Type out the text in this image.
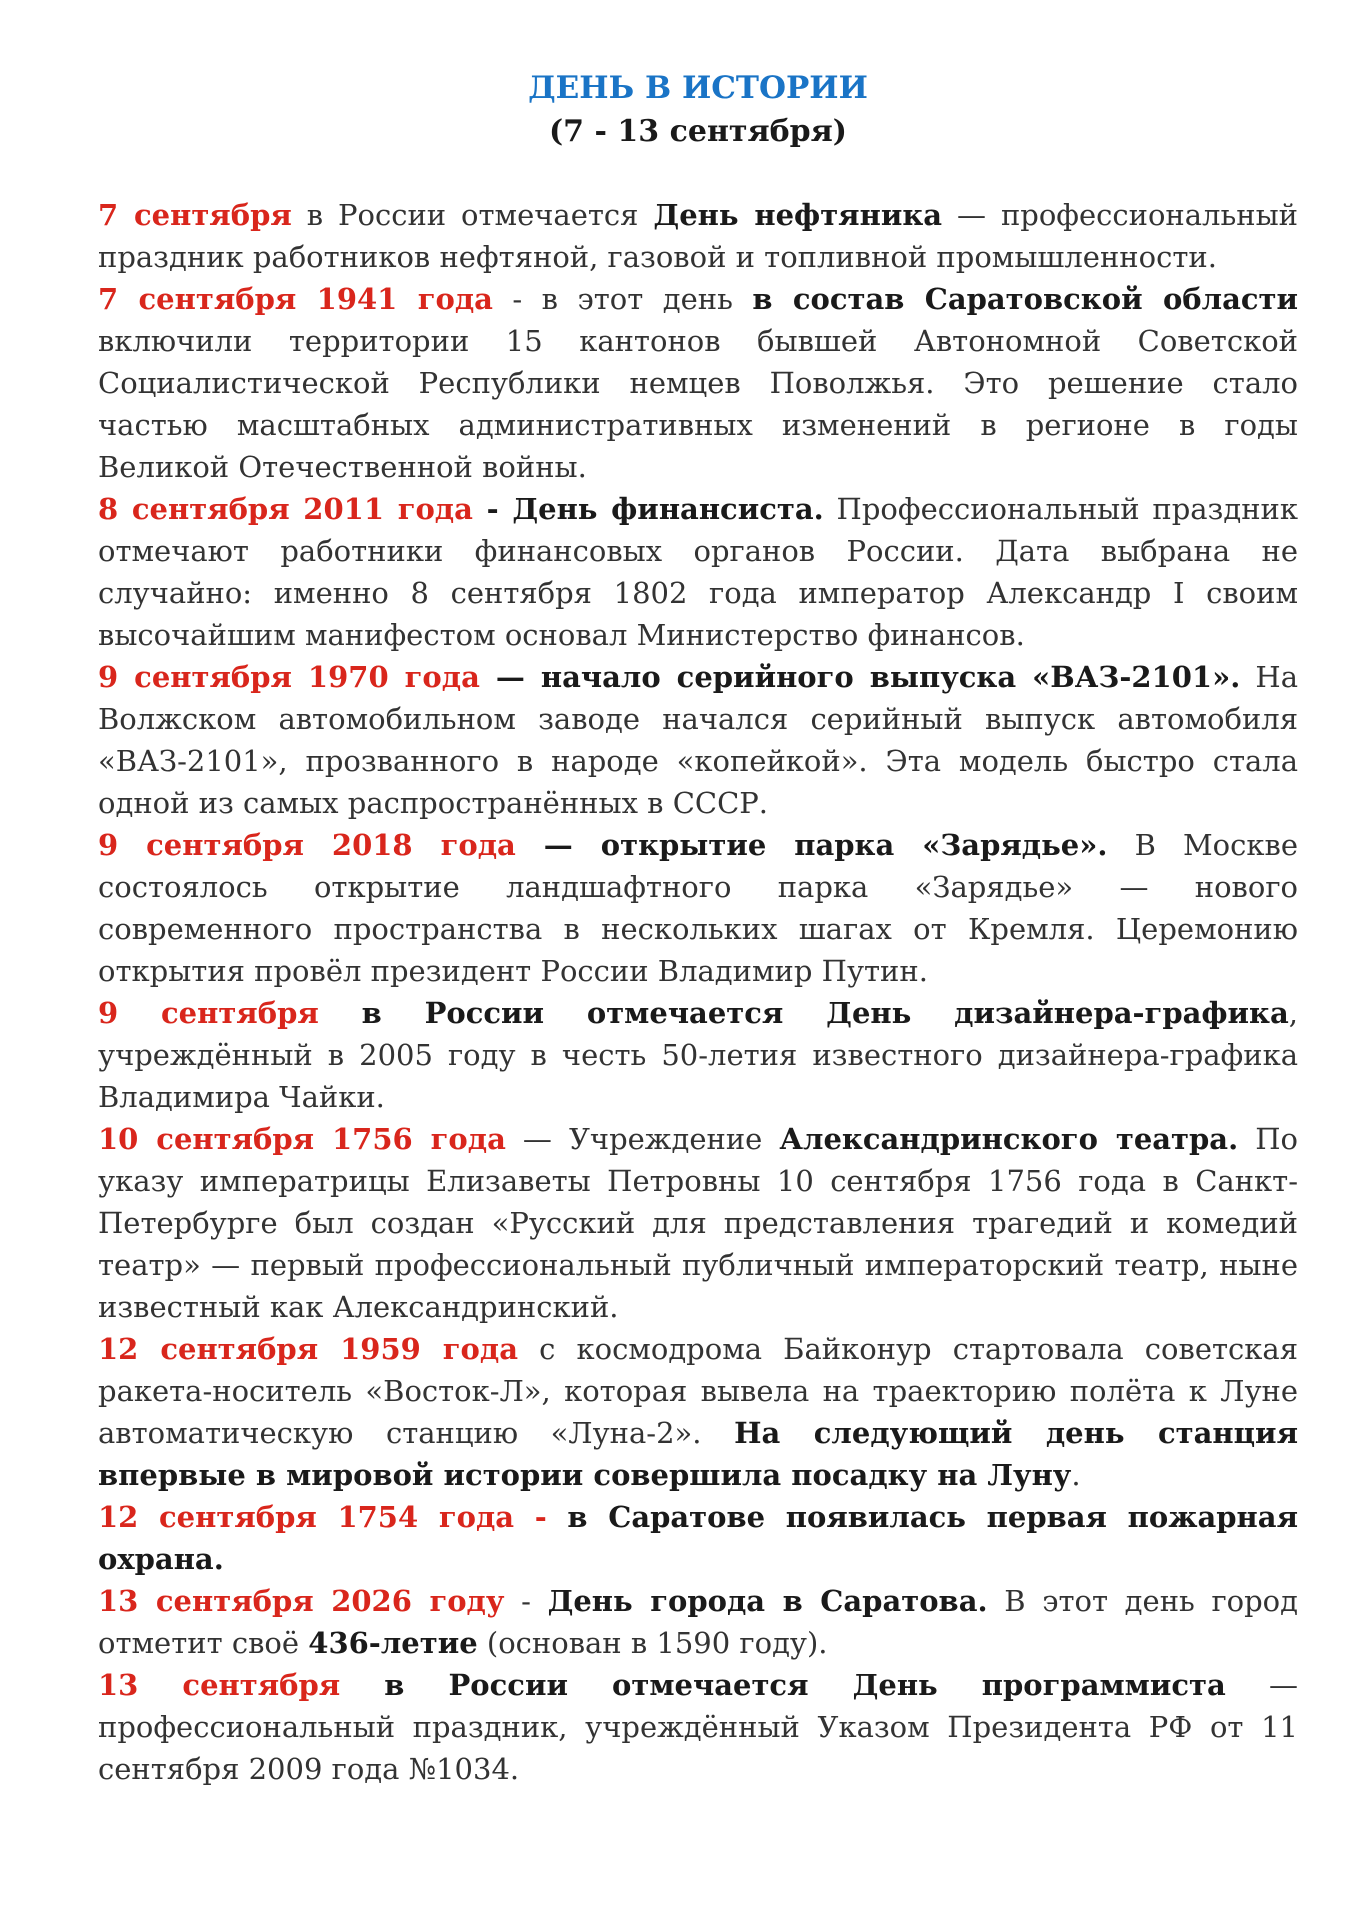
ДЕНЬ В ИСТОРИИ
(7 - 13 сентября)

7 сентября в России отмечается День нефтяника — профессиональный праздник работников нефтяной, газовой и топливной промышленности.

7 сентября 1941 года - в этот день в состав Саратовской области включили территории 15 кантонов бывшей Автономной Советской Социалистической Республики немцев Поволжья. Это решение стало частью масштабных административных изменений в регионе в годы Великой Отечественной войны.

8 сентября 2011 года - День финансиста. Профессиональный праздник отмечают работники финансовых органов России. Дата выбрана не случайно: именно 8 сентября 1802 года император Александр I своим высочайшим манифестом основал Министерство финансов.

9 сентября 1970 года — начало серийного выпуска «ВАЗ-2101». На Волжском автомобильном заводе начался серийный выпуск автомобиля «ВАЗ-2101», прозванного в народе «копейкой». Эта модель быстро стала одной из самых распространённых в СССР.

9 сентября 2018 года — открытие парка «Зарядье». В Москве состоялось открытие ландшафтного парка «Зарядье» — нового современного пространства в нескольких шагах от Кремля. Церемонию открытия провёл президент России Владимир Путин.

9 сентября в России отмечается День дизайнера-графика, учреждённый в 2005 году в честь 50-летия известного дизайнера-графика Владимира Чайки.

10 сентября 1756 года — Учреждение Александринского театра. По указу императрицы Елизаветы Петровны 10 сентября 1756 года в Санкт-Петербурге был создан «Русский для представления трагедий и комедий театр» — первый профессиональный публичный императорский театр, ныне известный как Александринский.

12 сентября 1959 года с космодрома Байконур стартовала советская ракета-носитель «Восток-Л», которая вывела на траекторию полёта к Луне автоматическую станцию «Луна-2». На следующий день станция впервые в мировой истории совершила посадку на Луну.

12 сентября 1754 года - в Саратове появилась первая пожарная охрана.

13 сентября 2026 году - День города в Саратова. В этот день город отметит своё 436-летие (основан в 1590 году).

13 сентября в России отмечается День программиста — профессиональный праздник, учреждённый Указом Президента РФ от 11 сентября 2009 года №1034.
